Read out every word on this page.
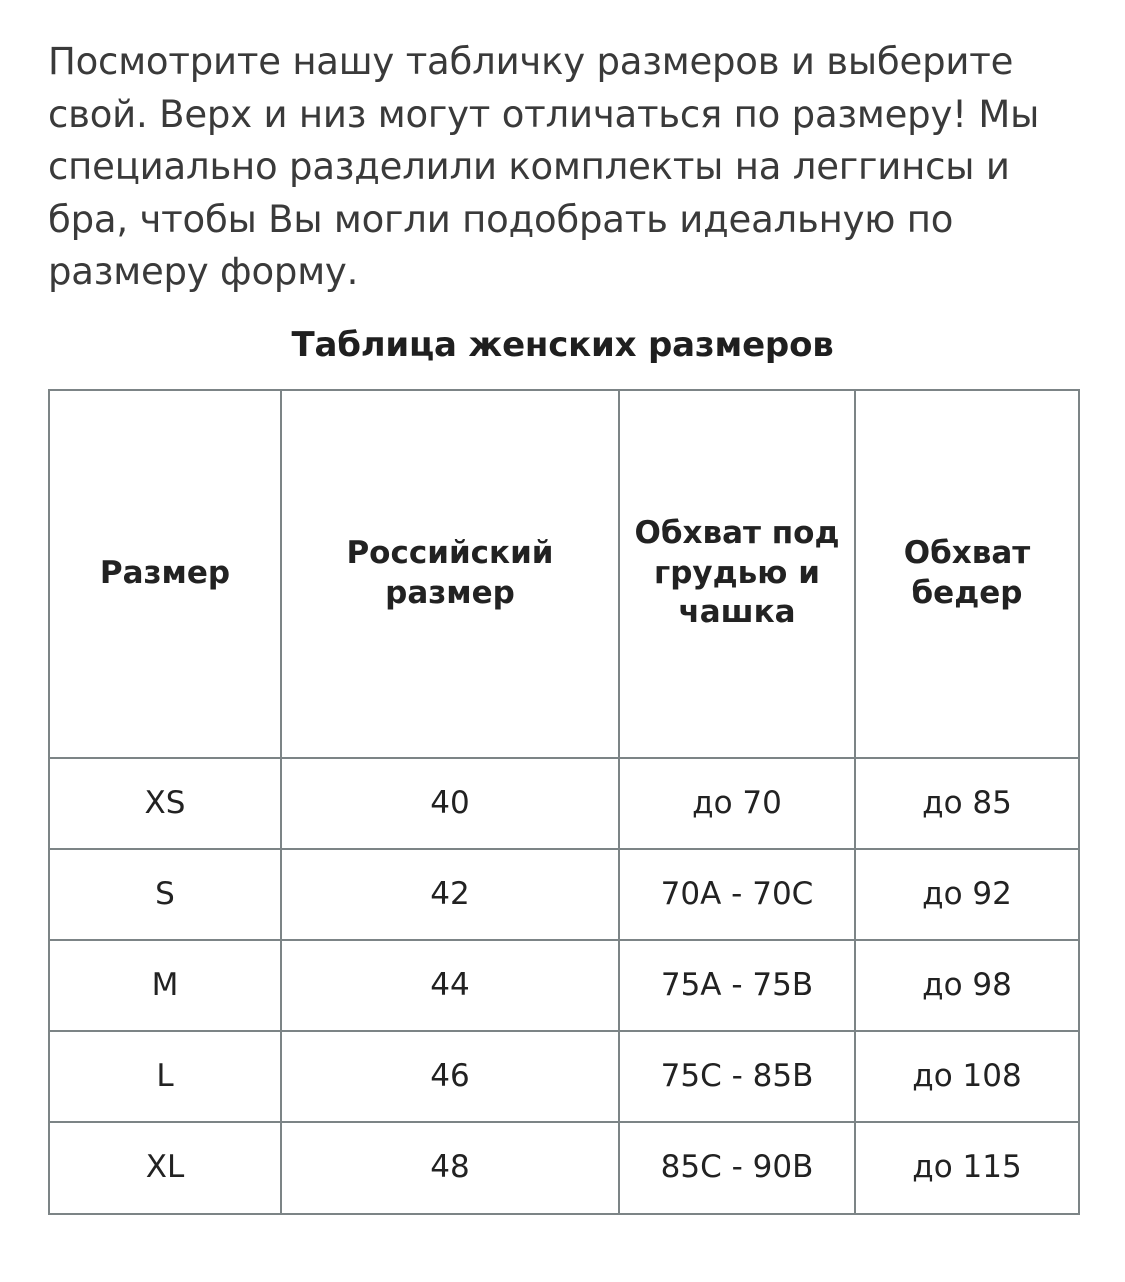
Посмотрите нашу табличку размеров и выберите свой. Верх и низ могут отличаться по размеру! Мы специально разделили комплекты на леггинсы и бра, чтобы Вы могли подобрать идеальную по размеру форму.

Таблица женских размеров
Размер	Российский размер	Обхват под грудью и чашка	Обхват бедер
XS	40	до 70	до 85
S	42	70A - 70C	до 92
M	44	75A - 75B	до 98
L	46	75C - 85B	до 108
XL	48	85C - 90B	до 115
